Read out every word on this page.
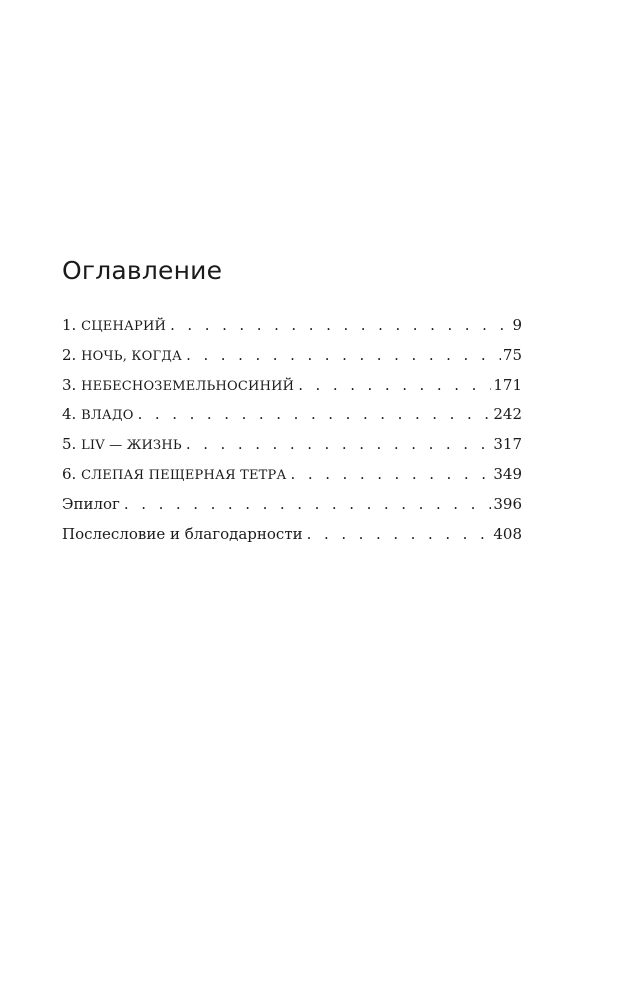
Оглавление
1. СЦЕНАРИЙ . . .	9
2. НОЧЬ, КОГДА . . .	75
3. НЕБЕСНОЗЕМЕЛЬНОСИНИЙ . . .	171
4. ВЛАДО . . .	242
5. LIV — ЖИЗНЬ . . .	317
6. СЛЕПАЯ ПЕЩЕРНАЯ ТЕТРА . . .	349
Эпилог . . .	396
Послесловие и благодарности . . .	408
